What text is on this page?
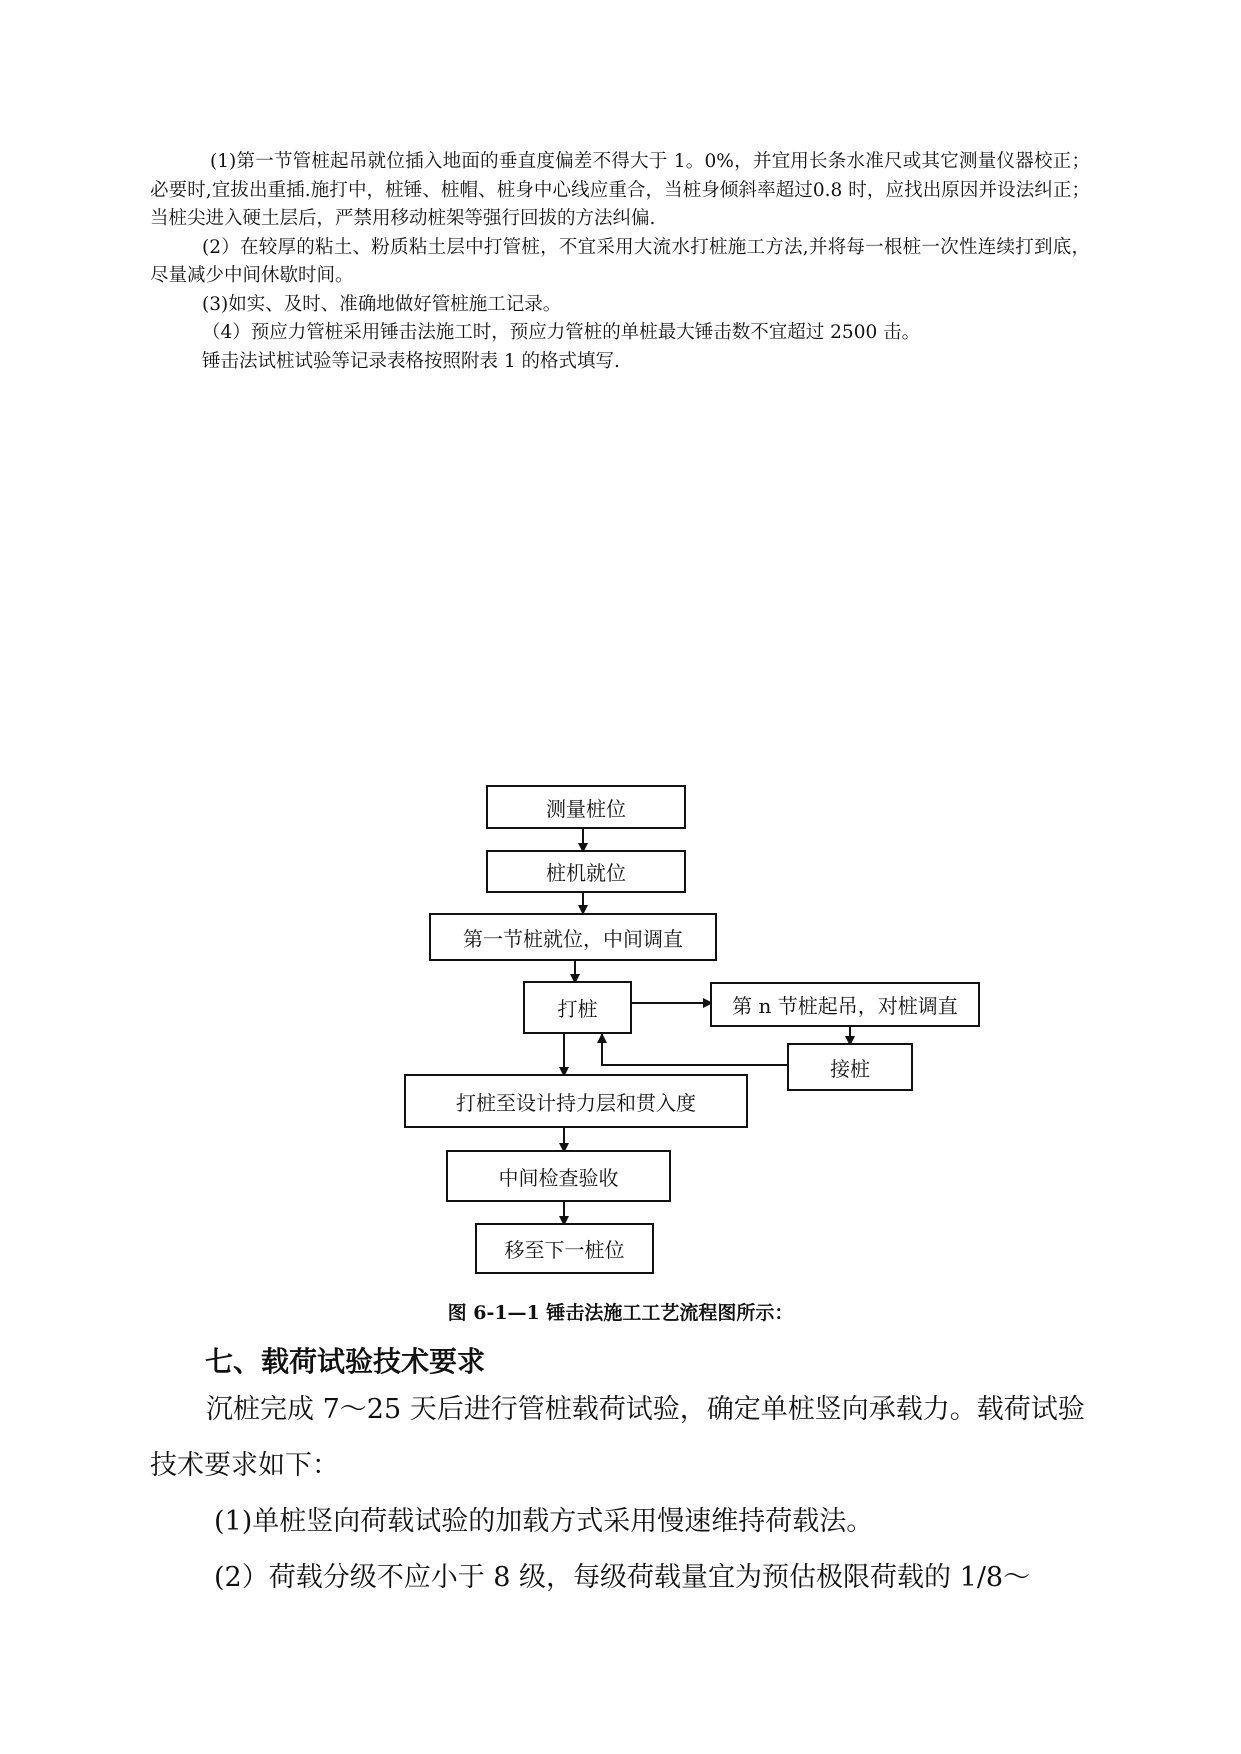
(1)第一节管桩起吊就位插入地面的垂直度偏差不得大于 1。0%，并宜用长条水准尺或其它测量仪器校正；必要时,宜拔出重插.施打中，桩锤、桩帽、桩身中心线应重合，当桩身倾斜率超过0.8 时，应找出原因并设法纠正；当桩尖进入硬土层后，严禁用移动桩架等强行回拔的方法纠偏.

(2）在较厚的粘土、粉质粘土层中打管桩，不宜采用大流水打桩施工方法,并将每一根桩一次性连续打到底，尽量减少中间休歇时间。

(3)如实、及时、准确地做好管桩施工记录。

（4）预应力管桩采用锤击法施工时，预应力管桩的单桩最大锤击数不宜超过 2500 击。

锤击法试桩试验等记录表格按照附表 1 的格式填写.

测量桩位
桩机就位
第一节桩就位，中间调直
打桩	第 n 节桩起吊，对桩调直
接桩
打桩至设计持力层和贯入度
中间检查验收
移至下一桩位
图 6-1—1 锤击法施工工艺流程图所示：
七、载荷试验技术要求

沉桩完成 7～25 天后进行管桩载荷试验，确定单桩竖向承载力。载荷试验技术要求如下：

(1)单桩竖向荷载试验的加载方式采用慢速维持荷载法。

(2）荷载分级不应小于 8 级，每级荷载量宜为预估极限荷载的 1/8～
